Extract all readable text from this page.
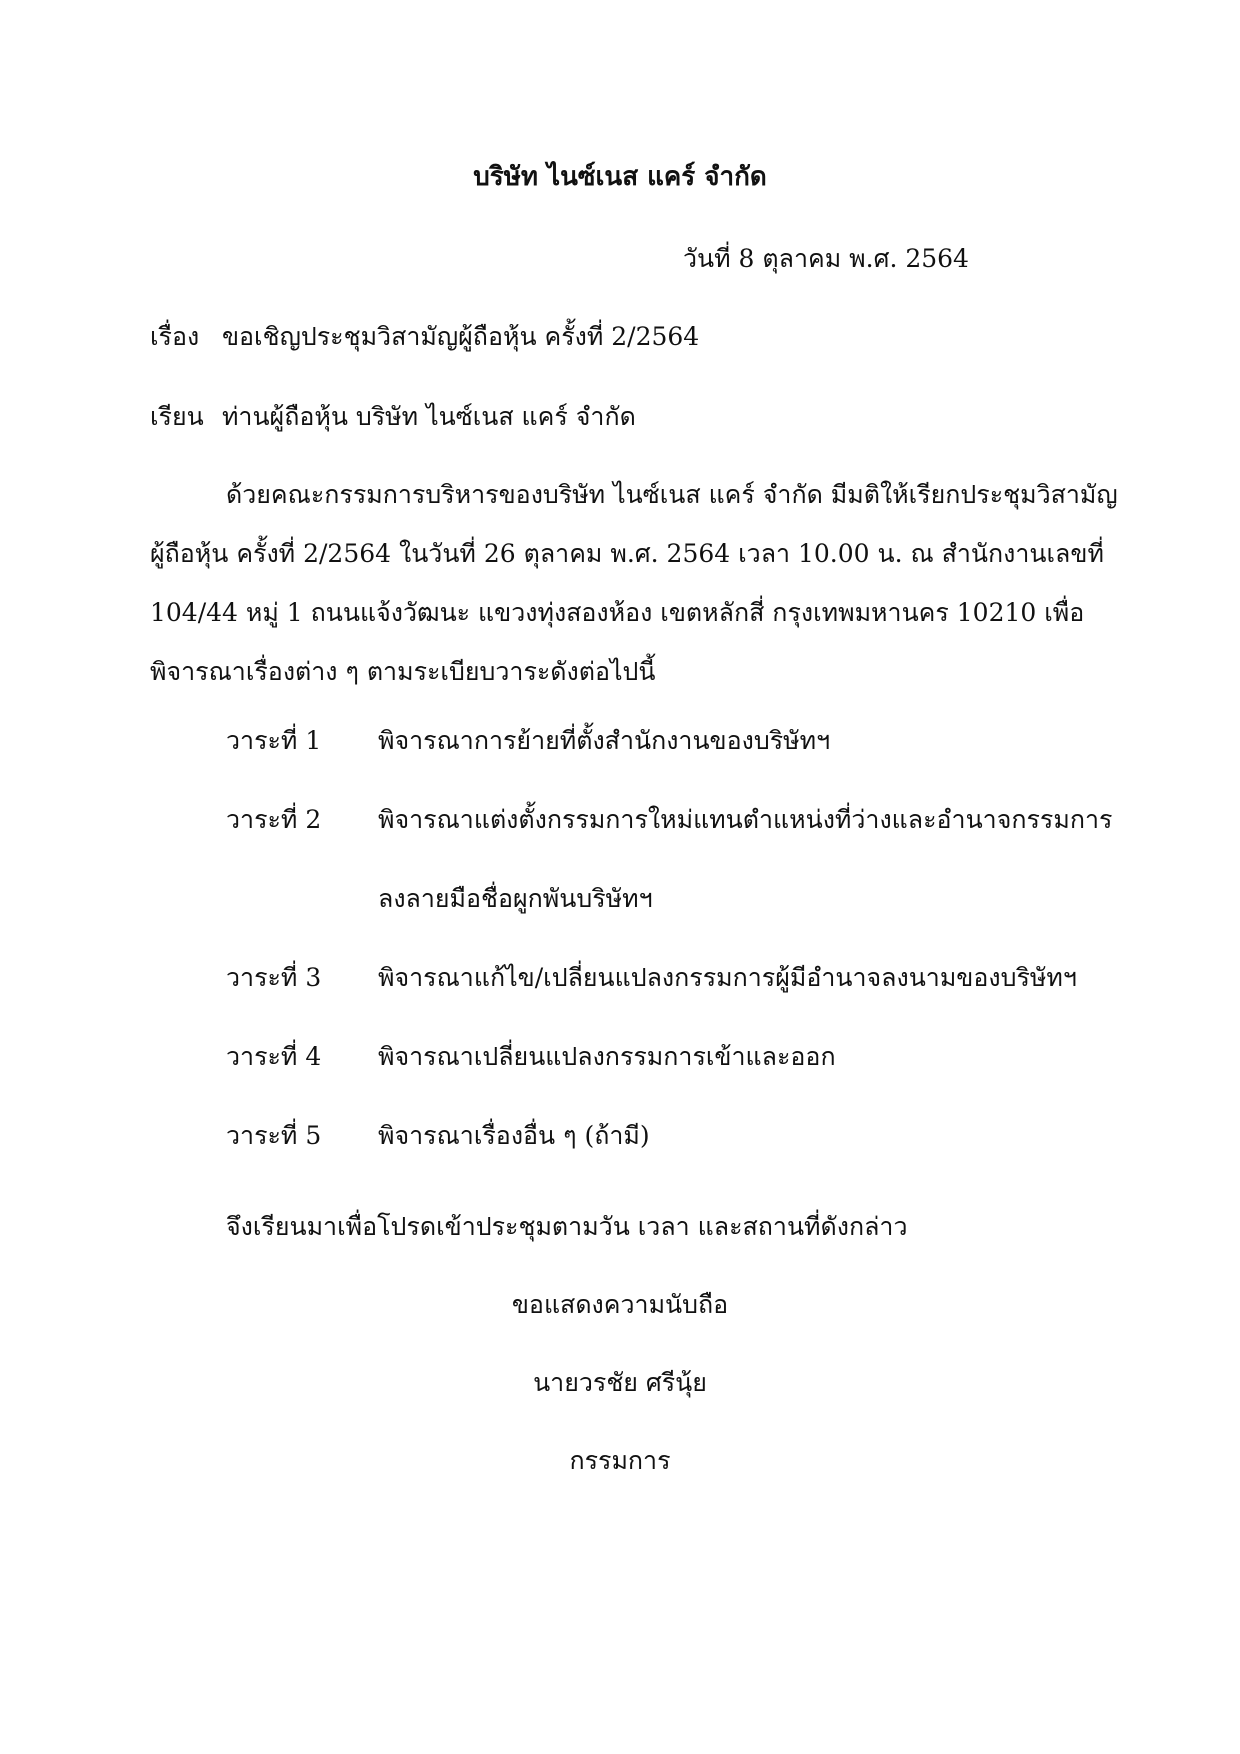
บริษัท ไนซ์เนส แคร์ จำกัด
วันที่ 8 ตุลาคม พ.ศ. 2564
เรื่อง ขอเชิญประชุมวิสามัญผู้ถือหุ้น ครั้งที่ 2/2564
เรียน ท่านผู้ถือหุ้น บริษัท ไนซ์เนส แคร์ จำกัด
ด้วยคณะกรรมการบริหารของบริษัท ไนซ์เนส แคร์ จำกัด มีมติให้เรียกประชุมวิสามัญ
ผู้ถือหุ้น ครั้งที่ 2/2564 ในวันที่ 26 ตุลาคม พ.ศ. 2564 เวลา 10.00 น. ณ สำนักงานเลขที่
104/44 หมู่ 1 ถนนแจ้งวัฒนะ แขวงทุ่งสองห้อง เขตหลักสี่ กรุงเทพมหานคร 10210 เพื่อ
พิจารณาเรื่องต่าง ๆ ตามระเบียบวาระดังต่อไปนี้
วาระที่ 1 พิจารณาการย้ายที่ตั้งสำนักงานของบริษัทฯ
วาระที่ 2 พิจารณาแต่งตั้งกรรมการใหม่แทนตำแหน่งที่ว่างและอำนาจกรรมการ
ลงลายมือชื่อผูกพันบริษัทฯ
วาระที่ 3 พิจารณาแก้ไข/เปลี่ยนแปลงกรรมการผู้มีอำนาจลงนามของบริษัทฯ
วาระที่ 4 พิจารณาเปลี่ยนแปลงกรรมการเข้าและออก
วาระที่ 5 พิจารณาเรื่องอื่น ๆ (ถ้ามี)
จึงเรียนมาเพื่อโปรดเข้าประชุมตามวัน เวลา และสถานที่ดังกล่าว
ขอแสดงความนับถือ
นายวรชัย ศรีนุ้ย
กรรมการ
